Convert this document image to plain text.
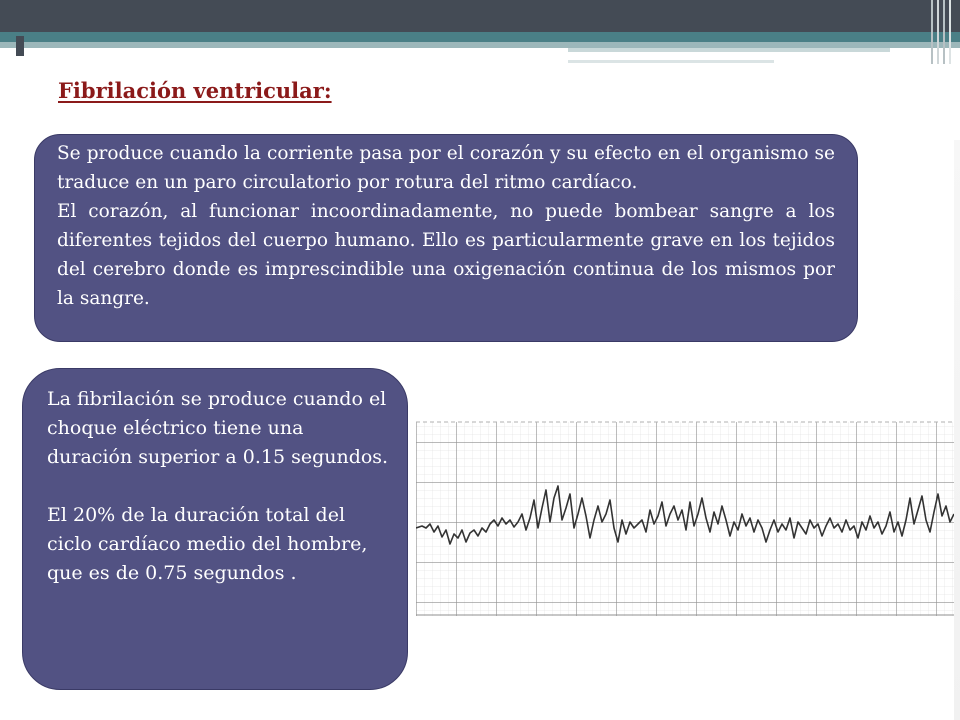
Fibrilación ventricular:

Se produce cuando la corriente pasa por el corazón y su efecto en el organismo se traduce en un paro circulatorio por rotura del ritmo cardíaco.

El corazón, al funcionar incoordinadamente, no puede bombear sangre a los diferentes tejidos del cuerpo humano. Ello es particularmente grave en los tejidos del cerebro donde es imprescindible una oxigenación continua de los mismos por la sangre.

La fibrilación se produce cuando el choque eléctrico tiene una duración superior a 0.15 segundos.

El 20% de la duración total del ciclo cardíaco medio del hombre, que es de 0.75 segundos .
